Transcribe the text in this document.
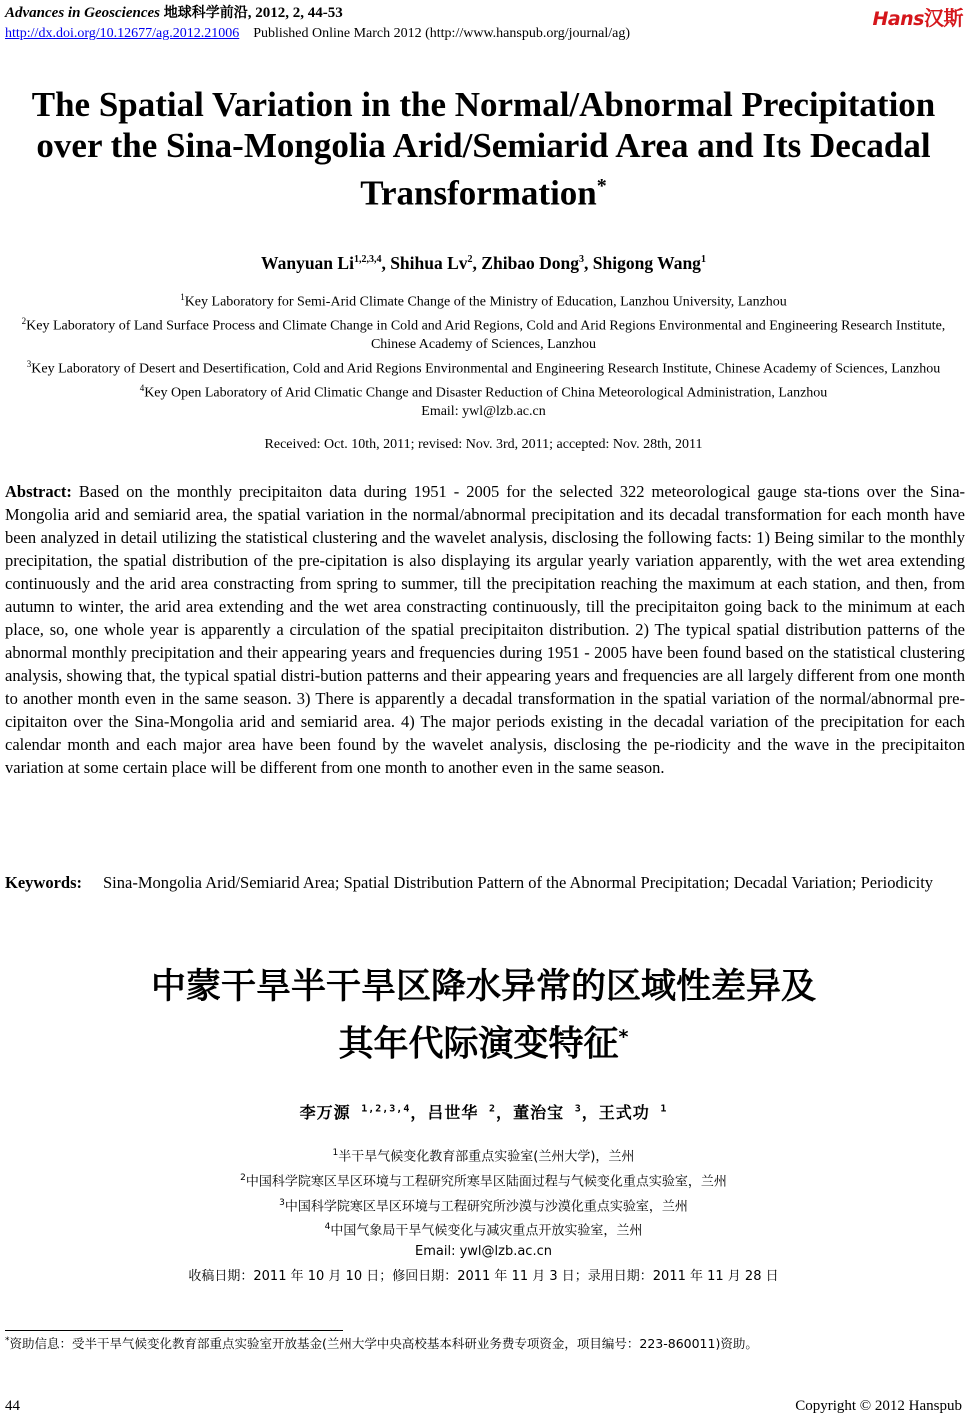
Advances in Geosciences 地球科学前沿, 2012, 2, 44-53
http://dx.doi.org/10.12677/ag.2012.21006 Published Online March 2012 (http://www.hanspub.org/journal/ag)
Hans汉斯
The Spatial Variation in the Normal/Abnormal Precipitation
over the Sina-Mongolia Arid/Semiarid Area and Its Decadal
Transformation*
Wanyuan Li$^{1,2,3,4}$, Shihua Lv$^2$, Zhibao Dong$^3$, Shigong Wang$^1$
$^1$Key Laboratory for Semi-Arid Climate Change of the Ministry of Education, Lanzhou University, Lanzhou
$^2$Key Laboratory of Land Surface Process and Climate Change in Cold and Arid Regions, Cold and Arid Regions Environmental and Engineering Research Institute, Chinese Academy of Sciences, Lanzhou
$^3$Key Laboratory of Desert and Desertification, Cold and Arid Regions Environmental and Engineering Research Institute, Chinese Academy of Sciences, Lanzhou
$^4$Key Open Laboratory of Arid Climatic Change and Disaster Reduction of China Meteorological Administration, Lanzhou
Email: ywl@lzb.ac.cn
Received: Oct. 10th, 2011; revised: Nov. 3rd, 2011; accepted: Nov. 28th, 2011
Abstract: Based on the monthly precipitaiton data during 1951 - 2005 for the selected 322 meteorological gauge sta-tions over the Sina-Mongolia arid and semiarid area, the spatial variation in the normal/abnormal precipitation and its decadal transformation for each month have been analyzed in detail utilizing the statistical clustering and the wavelet analysis, disclosing the following facts: 1) Being similar to the monthly precipitation, the spatial distribution of the pre-cipitation is also displaying its argular yearly variation apparently, with the wet area extending continuously and the arid area constracting from spring to summer, till the precipitation reaching the maximum at each station, and then, from autumn to winter, the arid area extending and the wet area constracting continuously, till the precipitaiton going back to the minimum at each place, so, one whole year is apparently a circulation of the spatial precipitaiton distribution. 2) The typical spatial distribution patterns of the abnormal monthly precipitation and their appearing years and frequencies during 1951 - 2005 have been found based on the statistical clustering analysis, showing that, the typical spatial distri-bution patterns and their appearing years and frequencies are all largely different from one month to another month even in the same season. 3) There is apparently a decadal transformation in the spatial variation of the normal/abnormal pre-cipitaiton over the Sina-Mongolia arid and semiarid area. 4) The major periods existing in the decadal variation of the precipitation for each calendar month and each major area have been found by the wavelet analysis, disclosing the pe-riodicity and the wave in the precipitaiton variation at some certain place will be different from one month to another even in the same season.
Keywords:	Sina-Mongolia Arid/Semiarid Area; Spatial Distribution Pattern of the Abnormal Precipitation; Decadal Variation; Periodicity
中蒙干旱半干旱区降水异常的区域性差异及
其年代际演变特征*
李万源 $^{1,2,3,4}$，吕世华 $^2$，董治宝 $^3$，王式功 $^1$
$^1$半干旱气候变化教育部重点实验室(兰州大学)，兰州
$^2$中国科学院寒区旱区环境与工程研究所寒旱区陆面过程与气候变化重点实验室，兰州
$^3$中国科学院寒区旱区环境与工程研究所沙漠与沙漠化重点实验室，兰州
$^4$中国气象局干旱气候变化与减灾重点开放实验室，兰州
Email: ywl@lzb.ac.cn
收稿日期：2011 年 10 月 10 日；修回日期：2011 年 11 月 3 日；录用日期：2011 年 11 月 28 日
*资助信息：受半干旱气候变化教育部重点实验室开放基金(兰州大学中央高校基本科研业务费专项资金，项目编号：223-860011)资助。
44	Copyright © 2012 Hanspub
